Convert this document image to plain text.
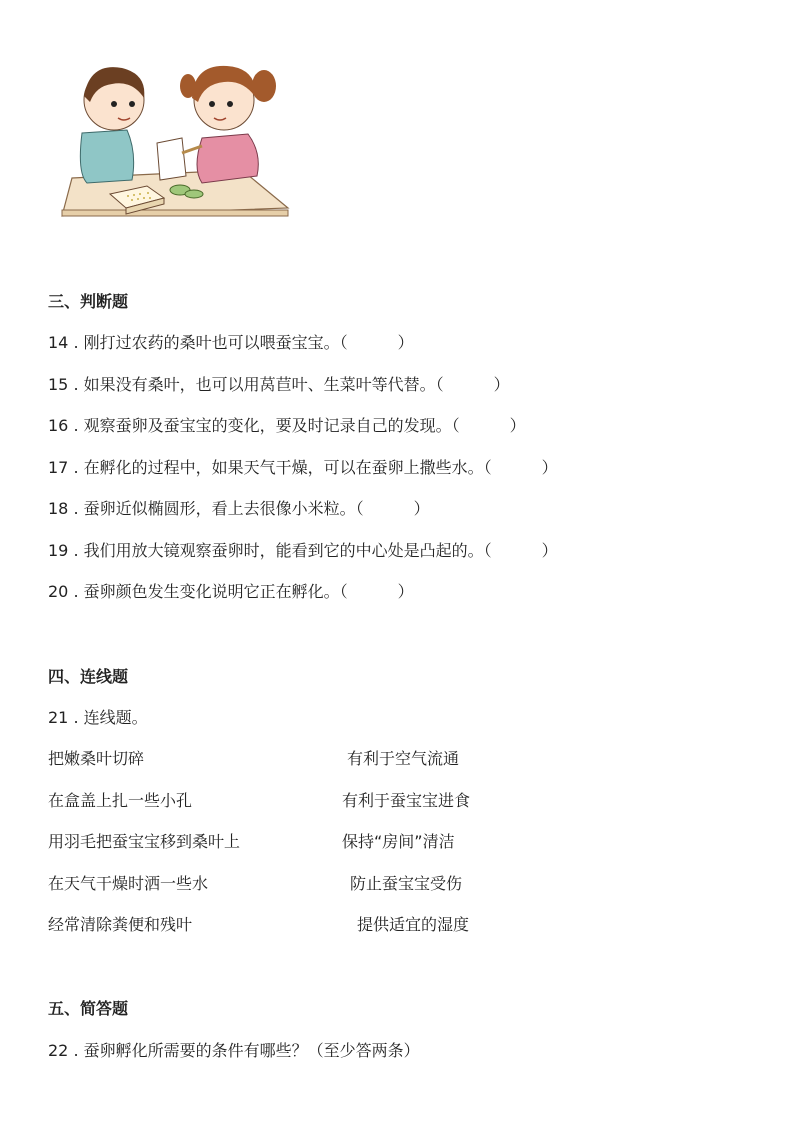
三、判断题
14 . 刚打过农药的桑叶也可以喂蚕宝宝。（	）
15 . 如果没有桑叶，也可以用莴苣叶、生菜叶等代替。（	）
16 . 观察蚕卵及蚕宝宝的变化，要及时记录自己的发现。（	）
17 . 在孵化的过程中，如果天气干燥，可以在蚕卵上撒些水。（	）
18 . 蚕卵近似椭圆形，看上去很像小米粒。（	）
19 . 我们用放大镜观察蚕卵时，能看到它的中心处是凸起的。（	）
20 . 蚕卵颜色发生变化说明它正在孵化。（	）
四、连线题
21 . 连线题。
把嫩桑叶切碎	有利于空气流通
在盒盖上扎一些小孔	有利于蚕宝宝进食
用羽毛把蚕宝宝移到桑叶上	保持“房间”清洁
在天气干燥时洒一些水	防止蚕宝宝受伤
经常清除粪便和残叶	提供适宜的湿度
五、简答题
22 . 蚕卵孵化所需要的条件有哪些？（至少答两条）
